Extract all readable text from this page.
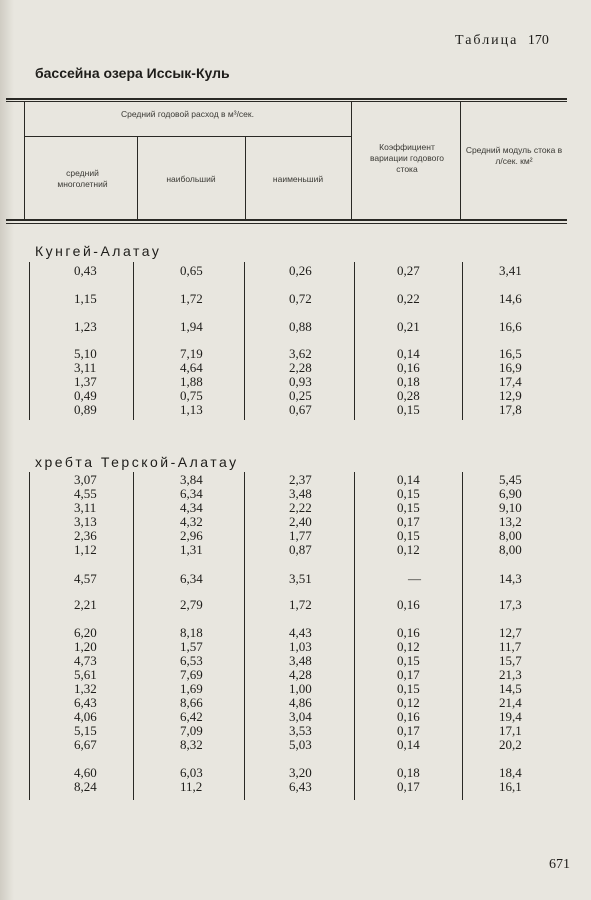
Таблица 170
бассейна озера Иссык-Куль
Средний годовой расход в м³/сек.
средний многолетний	наибольший	наименьший
Коэффициент вариации годового стока
Средний модуль стока в л/сек. км²
Кунгей-Алатау
0,43	0,65	0,26	0,27	3,41
1,15	1,72	0,72	0,22	14,6
1,23	1,94	0,88	0,21	16,6
5,10	7,19	3,62	0,14	16,5
3,11	4,64	2,28	0,16	16,9
1,37	1,88	0,93	0,18	17,4
0,49	0,75	0,25	0,28	12,9
0,89	1,13	0,67	0,15	17,8
хребта Терской-Алатау
3,07	3,84	2,37	0,14	5,45
4,55	6,34	3,48	0,15	6,90
3,11	4,34	2,22	0,15	9,10
3,13	4,32	2,40	0,17	13,2
2,36	2,96	1,77	0,15	8,00
1,12	1,31	0,87	0,12	8,00
4,57	6,34	3,51	—	14,3
2,21	2,79	1,72	0,16	17,3
6,20	8,18	4,43	0,16	12,7
1,20	1,57	1,03	0,12	11,7
4,73	6,53	3,48	0,15	15,7
5,61	7,69	4,28	0,17	21,3
1,32	1,69	1,00	0,15	14,5
6,43	8,66	4,86	0,12	21,4
4,06	6,42	3,04	0,16	19,4
5,15	7,09	3,53	0,17	17,1
6,67	8,32	5,03	0,14	20,2
4,60	6,03	3,20	0,18	18,4
8,24	11,2	6,43	0,17	16,1
671
